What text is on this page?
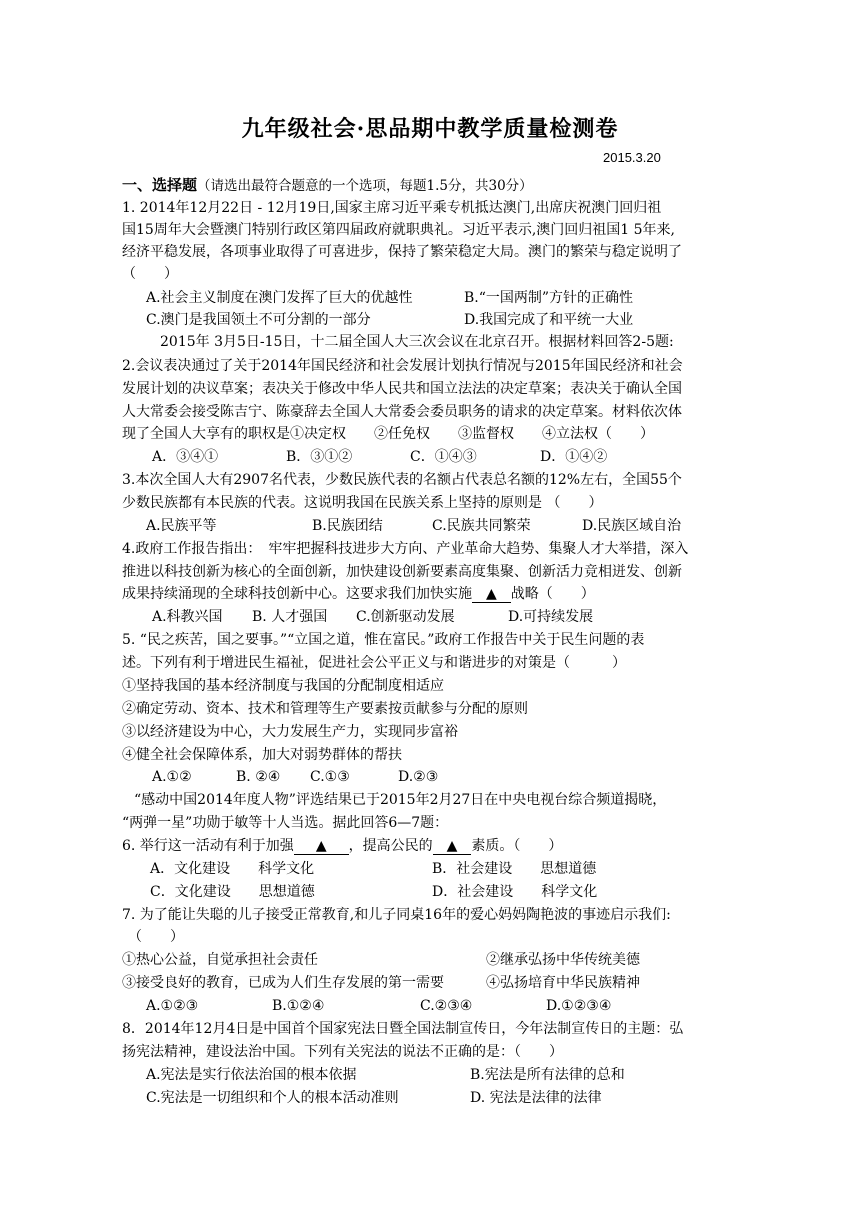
九年级社会·思品期中教学质量检测卷
2015.3.20
一、选择题（请选出最符合题意的一个选项，每题1.5分，共30分）
1. 2014年12月22日 - 12月19日,国家主席习近平乘专机抵达澳门,出席庆祝澳门回归祖
国15周年大会暨澳门特别行政区第四届政府就职典礼。习近平表示,澳门回归祖国1 5年来,
经济平稳发展，各项事业取得了可喜进步，保持了繁荣稳定大局。澳门的繁荣与稳定说明了
（　　）
A.社会主义制度在澳门发挥了巨大的优越性	B.“一国两制”方针的正确性
C.澳门是我国领土不可分割的一部分	D.我国完成了和平统一大业
2015年 3月5日-15日，十二届全国人大三次会议在北京召开。根据材料回答2-5题:
2.会议表决通过了关于2014年国民经济和社会发展计划执行情况与2015年国民经济和社会
发展计划的决议草案；表决关于修改中华人民共和国立法法的决定草案；表决关于确认全国
人大常委会接受陈吉宁、陈豪辞去全国人大常委会委员职务的请求的决定草案。材料依次体
现了全国人大享有的职权是①决定权　　②任免权　　③监督权　　④立法权（　　）
A．③④①	B．③①②	C．①④③	D．①④②
3.本次全国人大有2907名代表，少数民族代表的名额占代表总名额的12%左右，全国55个
少数民族都有本民族的代表。这说明我国在民族关系上坚持的原则是 （　　）
A.民族平等	B.民族团结	C.民族共同繁荣	D.民族区域自治
4.政府工作报告指出：　牢牢把握科技进步大方向、产业革命大趋势、集聚人才大举措，深入
推进以科技创新为核心的全面创新，加快建设创新要素高度集聚、创新活力竞相迸发、创新
成果持续涌现的全球科技创新中心。这要求我们加快实施 ▲ 战略（　　）
A.科教兴国 B. 人才强国 C.创新驱动发展	D.可持续发展
5. “民之疾苦，国之要事。”“立国之道，惟在富民。”政府工作报告中关于民生问题的表
述。下列有利于增进民生福祉，促进社会公平正义与和谐进步的对策是（　　　）
①坚持我国的基本经济制度与我国的分配制度相适应
②确定劳动、资本、技术和管理等生产要素按贡献参与分配的原则
③以经济建设为中心，大力发展生产力，实现同步富裕
④健全社会保障体系，加大对弱势群体的帮扶
A.①②	B. ②④ C.①③	D.②③
“感动中国2014年度人物”评选结果已于2015年2月27日在中央电视台综合频道揭晓，
“两弹一星”功勋于敏等十人当选。据此回答6—7题：
6. 举行这一活动有利于加强 ▲ ，提高公民的 ▲ 素质。（　　）
A．文化建设　　科学文化	B．社会建设　　思想道德
C．文化建设　　思想道德	D．社会建设　　科学文化
7. 为了能让失聪的儿子接受正常教育,和儿子同桌16年的爱心妈妈陶艳波的事迹启示我们:
（　　）
①热心公益，自觉承担社会责任	②继承弘扬中华传统美德
③接受良好的教育，已成为人们生存发展的第一需要	④弘扬培育中华民族精神
A.①②③	B.①②④	C.②③④	D.①②③④
8．2014年12月4日是中国首个国家宪法日暨全国法制宣传日，今年法制宣传日的主题：弘
扬宪法精神，建设法治中国。下列有关宪法的说法不正确的是：（　　）
A.宪法是实行依法治国的根本依据	B.宪法是所有法律的总和
C.宪法是一切组织和个人的根本活动准则	D. 宪法是法律的法律
